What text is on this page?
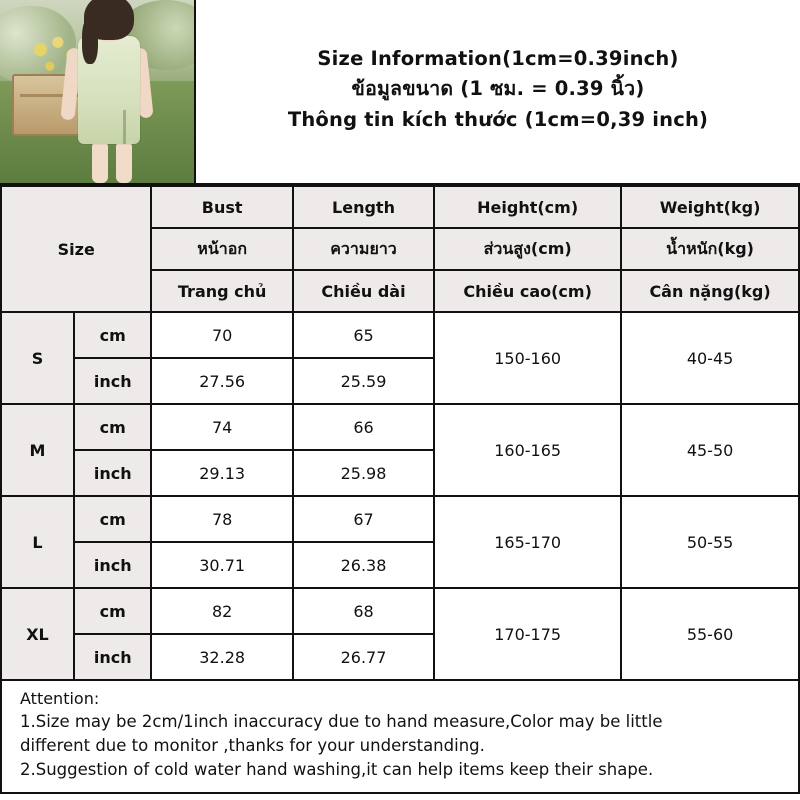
Size Information(1cm=0.39inch)
ข้อมูลขนาด (1 ซม. = 0.39 นิ้ว)
Thông tin kích thước (1cm=0,39 inch)
Size		Bust	Length	Height(cm)	Weight(kg)
		หน้าอก	ความยาว	ส่วนสูง(cm)	น้ำหนัก(kg)
		Trang chủ	Chiều dài	Chiều cao(cm)	Cân nặng(kg)
S	cm	70	65	150-160	40-45
	inch	27.56	25.59		
M	cm	74	66	160-165	45-50
	inch	29.13	25.98		
L	cm	78	67	165-170	50-55
	inch	30.71	26.38		
XL	cm	82	68	170-175	55-60
	inch	32.28	26.77		
Attention:
1.Size may be 2cm/1inch inaccuracy due to hand measure,Color may be little
different due to monitor ,thanks for your understanding.
2.Suggestion of cold water hand washing,it can help items keep their shape.
